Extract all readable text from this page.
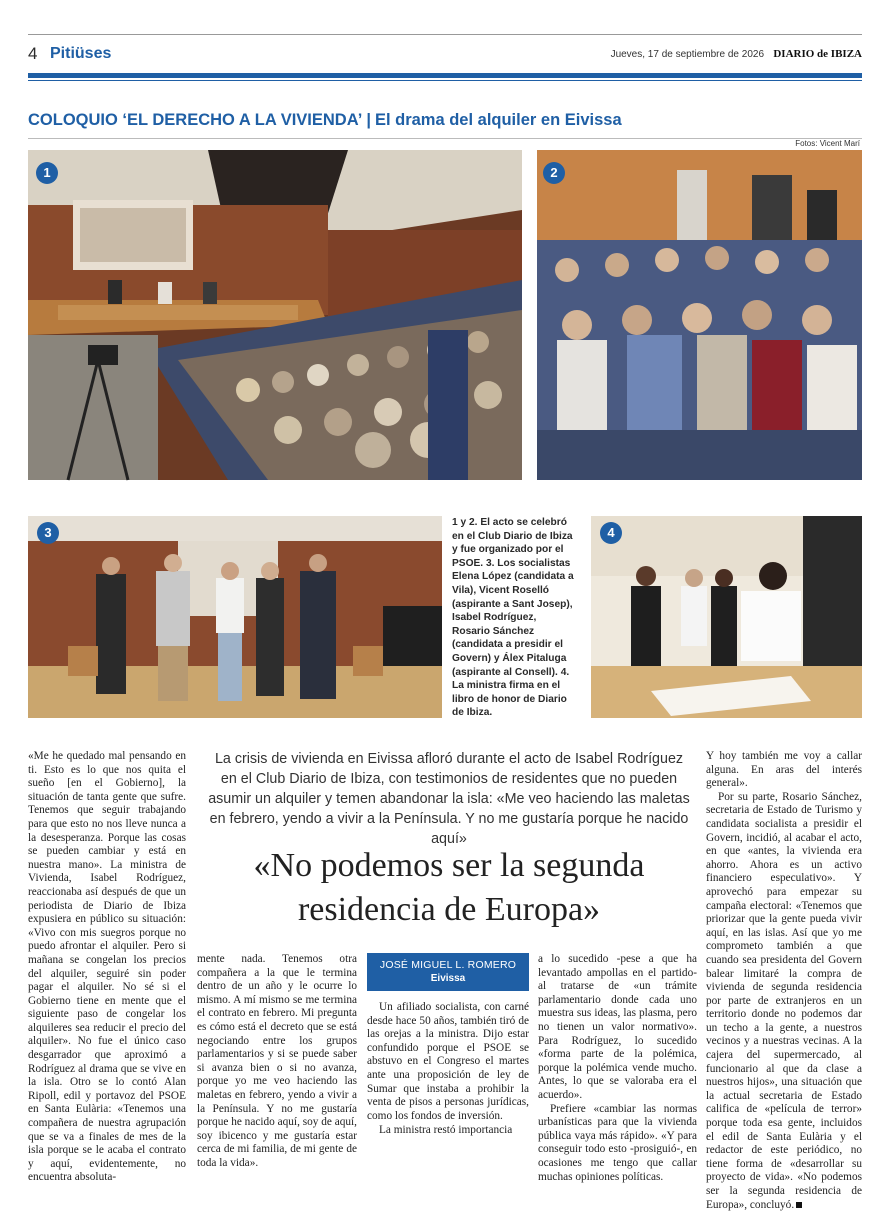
4 Pitiüses	Jueves, 17 de septiembre de 2026 DIARIO de IBIZA
COLOQUIO ‘EL DERECHO A LA VIVIENDA’ | El drama del alquiler en Eivissa
Fotos: Vicent Marí
1	2
3
1 y 2. El acto se celebró en el Club Diario de Ibiza y fue organizado por el PSOE. 3. Los socialistas Elena López (candidata a Vila), Vicent Roselló (aspirante a Sant Josep), Isabel Rodríguez, Rosario Sánchez (candidata a presidir el Govern) y Álex Pitaluga (aspirante al Consell). 4. La ministra firma en el libro de honor de Diario de Ibiza.
4
La crisis de vivienda en Eivissa afloró durante el acto de Isabel Rodríguez en el Club Diario de Ibiza, con testimonios de residentes que no pueden asumir un alquiler y temen abandonar la isla: «Me veo haciendo las maletas en febrero, yendo a vivir a la Península. Y no me gustaría porque he nacido aquí»
«No podemos ser la segunda residencia de Europa»
JOSÉ MIGUEL L. ROMERO
Eivissa
«Me he quedado mal pensando en ti. Esto es lo que nos quita el sueño [en el Gobierno], la situación de tanta gente que sufre. Tenemos que seguir trabajando para que esto no nos lleve nunca a la desesperanza. Porque las cosas se pueden cambiar y está en nuestra mano». La ministra de Vivienda, Isabel Rodríguez, reaccionaba así después de que un periodista de Diario de Ibiza expusiera en público su situación: «Vivo con mis suegros porque no puedo afrontar el alquiler. Pero si mañana se congelan los precios del alquiler, seguiré sin poder pagar el alquiler. No sé si el Gobierno tiene en mente que el siguiente paso de congelar los alquileres sea reducir el precio del alquiler». No fue el único caso desgarrador que aproximó a Rodríguez al drama que se vive en la isla. Otro se lo contó Alan Ripoll, edil y portavoz del PSOE en Santa Eulària: «Tenemos una compañera de nuestra agrupación que se va a finales de mes de la isla porque se le acaba el contrato y aquí, evidentemente, no encuentra absoluta-
mente nada. Tenemos otra compañera a la que le termina dentro de un año y le ocurre lo mismo. A mí mismo se me termina el contrato en febrero. Mi pregunta es cómo está el decreto que se está negociando entre los grupos parlamentarios y si se puede saber si avanza bien o si no avanza, porque yo me veo haciendo las maletas en febrero, yendo a vivir a la Península. Y no me gustaría porque he nacido aquí, soy de aquí, soy ibicenco y me gustaría estar cerca de mi familia, de mi gente de toda la vida».

Un afiliado socialista, con carné desde hace 50 años, también tiró de las orejas a la ministra. Dijo estar confundido porque el PSOE se abstuvo en el Congreso el martes ante una proposición de ley de Sumar que instaba a prohibir la venta de pisos a personas jurídicas, como los fondos de inversión.

La ministra restó importancia

a lo sucedido -pese a que ha levantado ampollas en el partido- al tratarse de «un trámite parlamentario donde cada uno muestra sus ideas, las plasma, pero no tienen un valor normativo». Para Rodríguez, lo sucedido «forma parte de la polémica, porque la polémica vende mucho. Antes, lo que se valoraba era el acuerdo».

Prefiere «cambiar las normas urbanísticas para que la vivienda pública vaya más rápido». «Y para conseguir todo esto -prosiguió-, en ocasiones me tengo que callar muchas opiniones políticas.

Y hoy también me voy a callar alguna. En aras del interés general».

Por su parte, Rosario Sánchez, secretaria de Estado de Turismo y candidata socialista a presidir el Govern, incidió, al acabar el acto, en que «antes, la vivienda era ahorro. Ahora es un activo financiero especulativo». Y aprovechó para empezar su campaña electoral: «Tenemos que priorizar que la gente pueda vivir aquí, en las islas. Así que yo me comprometo también a que cuando sea presidenta del Govern balear limitaré la compra de vivienda de segunda residencia por parte de extranjeros en un territorio donde no podemos dar un techo a la gente, a nuestros vecinos y a nuestras vecinas. A la cajera del supermercado, al funcionario al que da clase a nuestros hijos», una situación que la actual secretaria de Estado califica de «película de terror» porque toda esa gente, incluidos el edil de Santa Eulària y el redactor de este periódico, no tiene forma de «desarrollar su proyecto de vida». «No podemos ser la segunda residencia de Europa», concluyó.
